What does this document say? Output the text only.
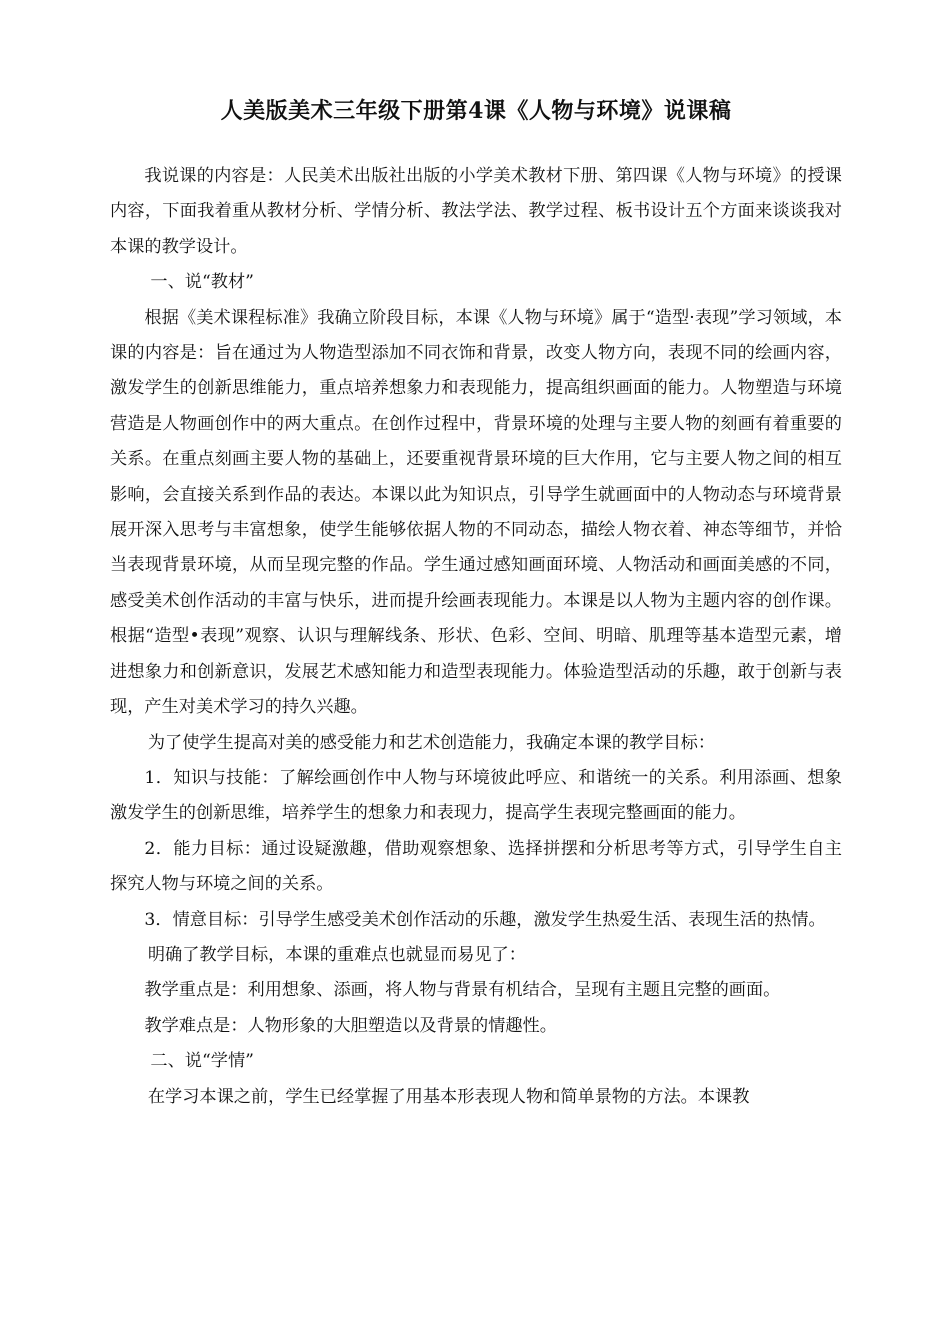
人美版美术三年级下册第4课《人物与环境》说课稿

我说课的内容是：人民美术出版社出版的小学美术教材下册、第四课《人物与环境》的授课内容，下面我着重从教材分析、学情分析、教法学法、教学过程、板书设计五个方面来谈谈我对本课的教学设计。

一、说“教材”

根据《美术课程标准》我确立阶段目标，本课《人物与环境》属于“造型·表现”学习领域，本课的内容是：旨在通过为人物造型添加不同衣饰和背景，改变人物方向，表现不同的绘画内容，激发学生的创新思维能力，重点培养想象力和表现能力，提高组织画面的能力。人物塑造与环境营造是人物画创作中的两大重点。在创作过程中，背景环境的处理与主要人物的刻画有着重要的关系。在重点刻画主要人物的基础上，还要重视背景环境的巨大作用，它与主要人物之间的相互影响，会直接关系到作品的表达。本课以此为知识点，引导学生就画面中的人物动态与环境背景展开深入思考与丰富想象，使学生能够依据人物的不同动态，描绘人物衣着、神态等细节，并恰当表现背景环境，从而呈现完整的作品。学生通过感知画面环境、人物活动和画面美感的不同，感受美术创作活动的丰富与快乐，进而提升绘画表现能力。本课是以人物为主题内容的创作课。根据“造型•表现”观察、认识与理解线条、形状、色彩、空间、明暗、肌理等基本造型元素，增进想象力和创新意识，发展艺术感知能力和造型表现能力。体验造型活动的乐趣，敢于创新与表现，产生对美术学习的持久兴趣。

为了使学生提高对美的感受能力和艺术创造能力，我确定本课的教学目标：

1．知识与技能：了解绘画创作中人物与环境彼此呼应、和谐统一的关系。利用添画、想象激发学生的创新思维，培养学生的想象力和表现力，提高学生表现完整画面的能力。

2．能力目标：通过设疑激趣，借助观察想象、选择拼摆和分析思考等方式，引导学生自主探究人物与环境之间的关系。

3．情意目标：引导学生感受美术创作活动的乐趣，激发学生热爱生活、表现生活的热情。

明确了教学目标，本课的重难点也就显而易见了：

教学重点是：利用想象、添画，将人物与背景有机结合，呈现有主题且完整的画面。

教学难点是：人物形象的大胆塑造以及背景的情趣性。

二、说“学情”

在学习本课之前，学生已经掌握了用基本形表现人物和简单景物的方法。本课教
